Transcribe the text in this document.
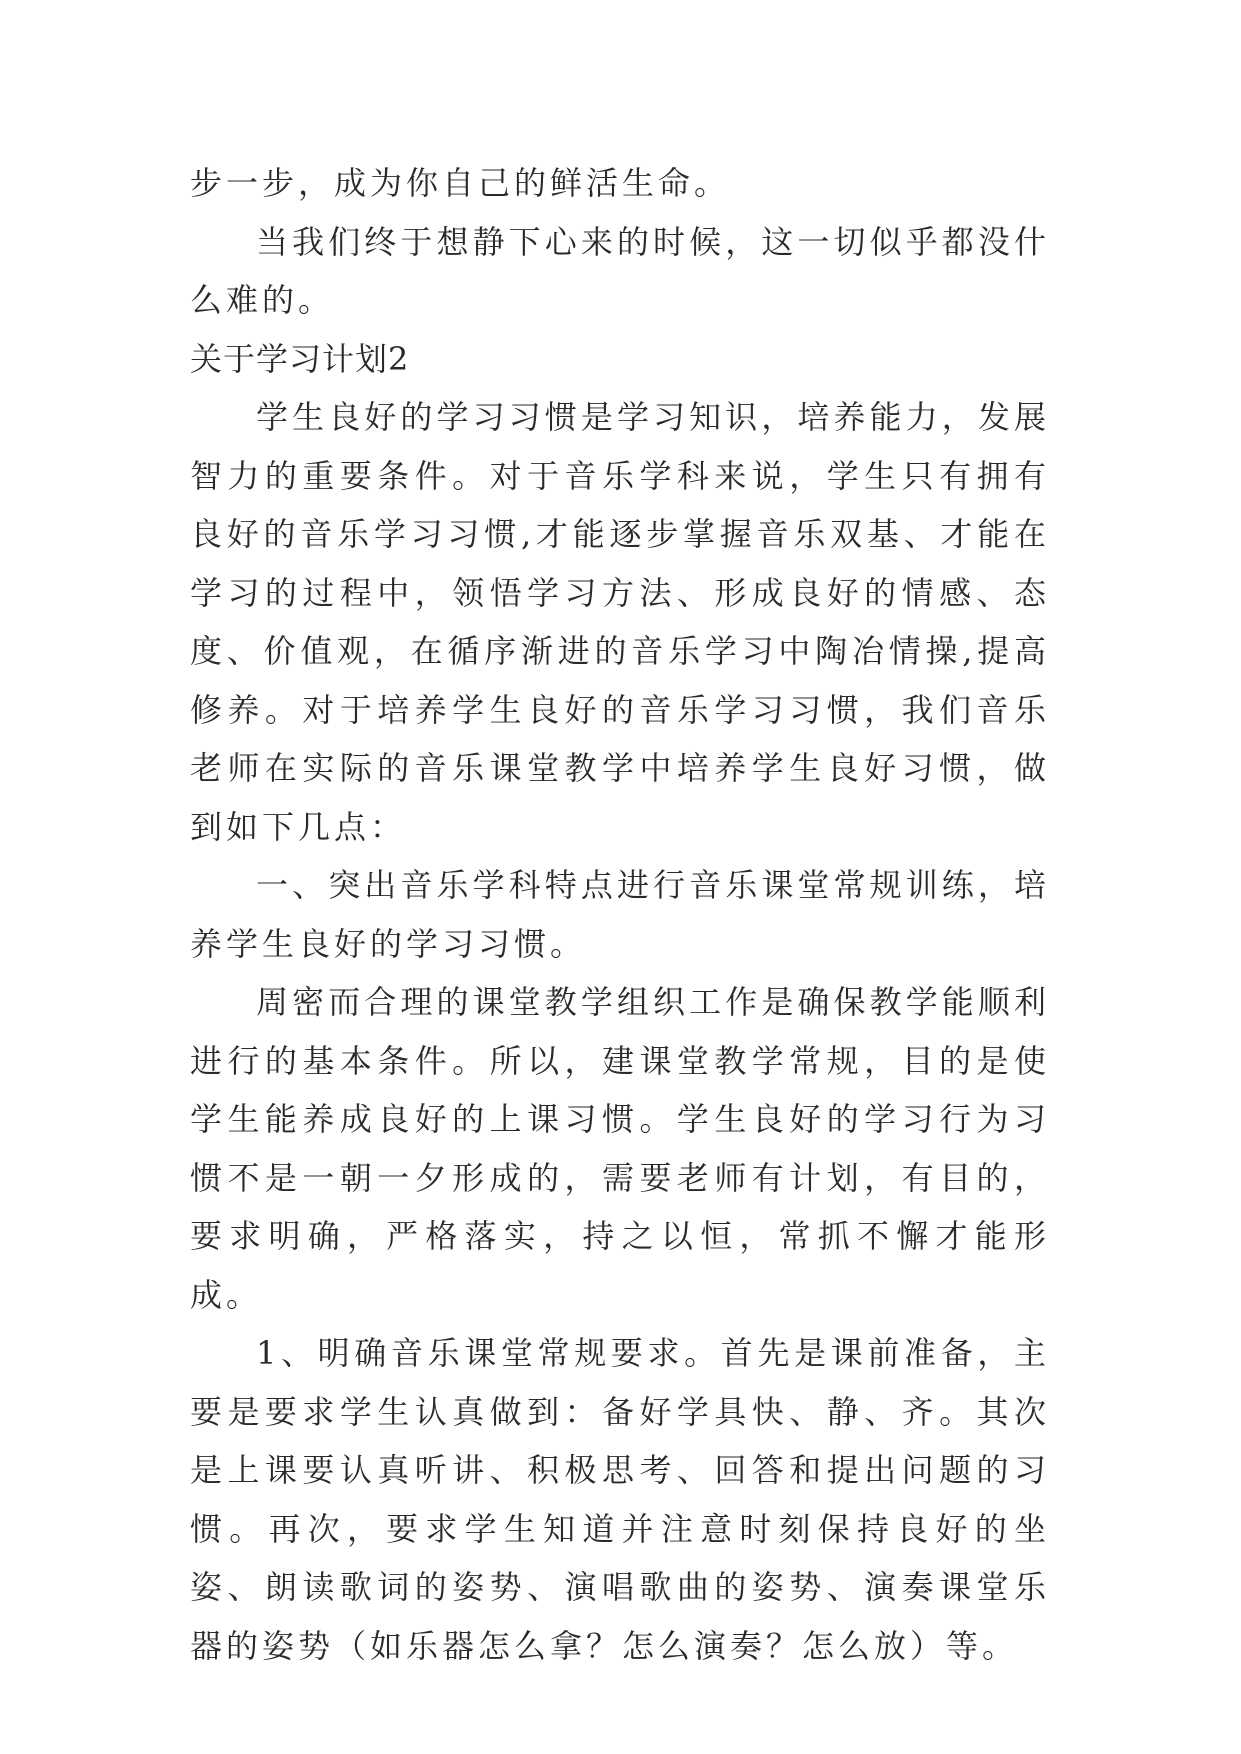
步一步，成为你自己的鲜活生命。

当我们终于想静下心来的时候，这一切似乎都没什么难的。

关于学习计划2

学生良好的学习习惯是学习知识，培养能力，发展智力的重要条件。对于音乐学科来说，学生只有拥有良好的音乐学习习惯,才能逐步掌握音乐双基、才能在学习的过程中，领悟学习方法、形成良好的情感、态度、价值观，在循序渐进的音乐学习中陶冶情操,提高修养。对于培养学生良好的音乐学习习惯，我们音乐老师在实际的音乐课堂教学中培养学生良好习惯，做到如下几点：

一、突出音乐学科特点进行音乐课堂常规训练，培养学生良好的学习习惯。

周密而合理的课堂教学组织工作是确保教学能顺利进行的基本条件。所以，建课堂教学常规，目的是使学生能养成良好的上课习惯。学生良好的学习行为习惯不是一朝一夕形成的，需要老师有计划，有目的，要求明确，严格落实，持之以恒，常抓不懈才能形成。

1、明确音乐课堂常规要求。首先是课前准备，主要是要求学生认真做到：备好学具快、静、齐。其次是上课要认真听讲、积极思考、回答和提出问题的习惯。再次，要求学生知道并注意时刻保持良好的坐姿、朗读歌词的姿势、演唱歌曲的姿势、演奏课堂乐器的姿势（如乐器怎么拿？怎么演奏？怎么放）等。
